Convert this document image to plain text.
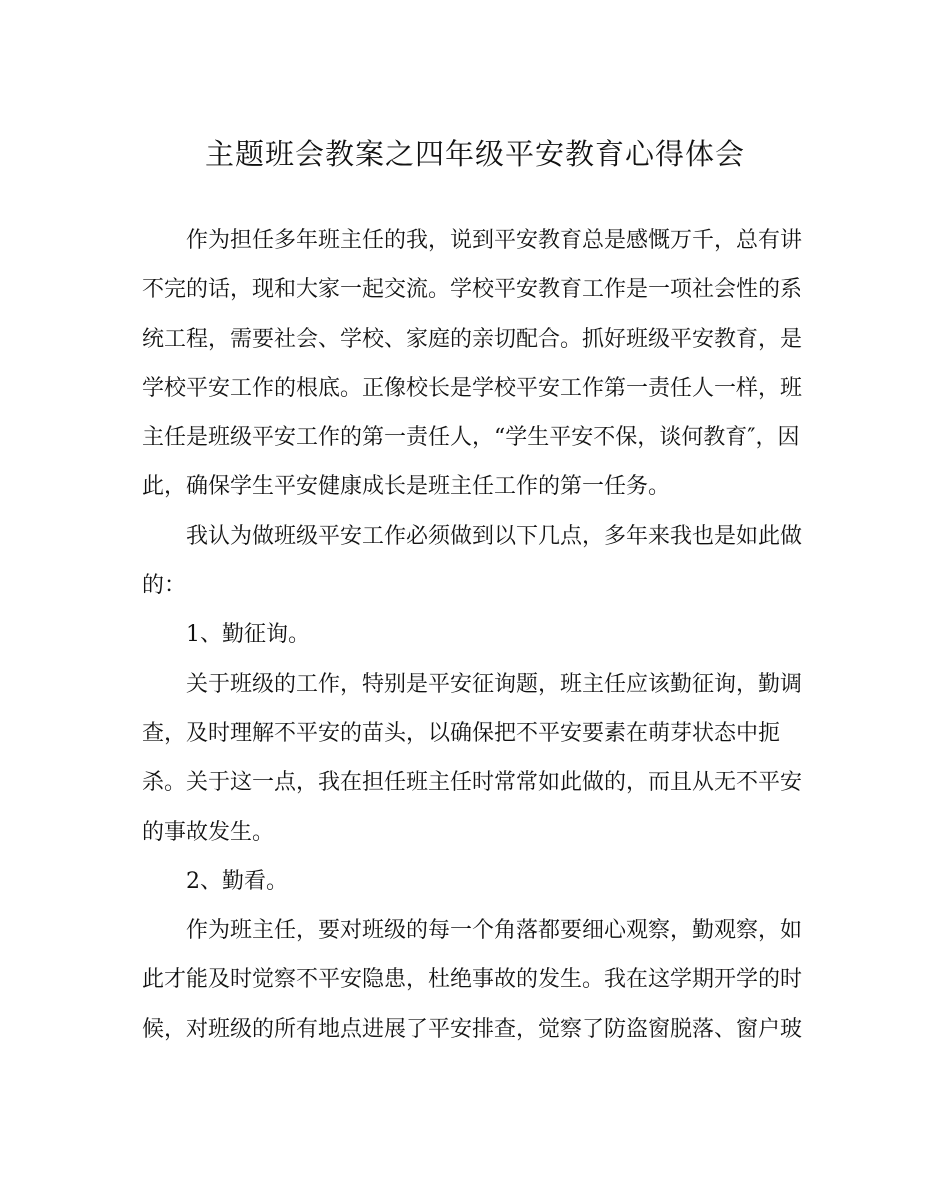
主题班会教案之四年级平安教育心得体会
作为担任多年班主任的我，说到平安教育总是感慨万千，总有讲
不完的话，现和大家一起交流。学校平安教育工作是一项社会性的系
统工程，需要社会、学校、家庭的亲切配合。抓好班级平安教育，是
学校平安工作的根底。正像校长是学校平安工作第一责任人一样，班
主任是班级平安工作的第一责任人，“学生平安不保，谈何教育″，因
此，确保学生平安健康成长是班主任工作的第一任务。
我认为做班级平安工作必须做到以下几点，多年来我也是如此做
的：
1、勤征询。
关于班级的工作，特别是平安征询题，班主任应该勤征询，勤调
查，及时理解不平安的苗头，以确保把不平安要素在萌芽状态中扼
杀。关于这一点，我在担任班主任时常常如此做的，而且从无不平安
的事故发生。
2、勤看。
作为班主任，要对班级的每一个角落都要细心观察，勤观察，如
此才能及时觉察不平安隐患，杜绝事故的发生。我在这学期开学的时
候，对班级的所有地点进展了平安排查，觉察了防盗窗脱落、窗户玻
